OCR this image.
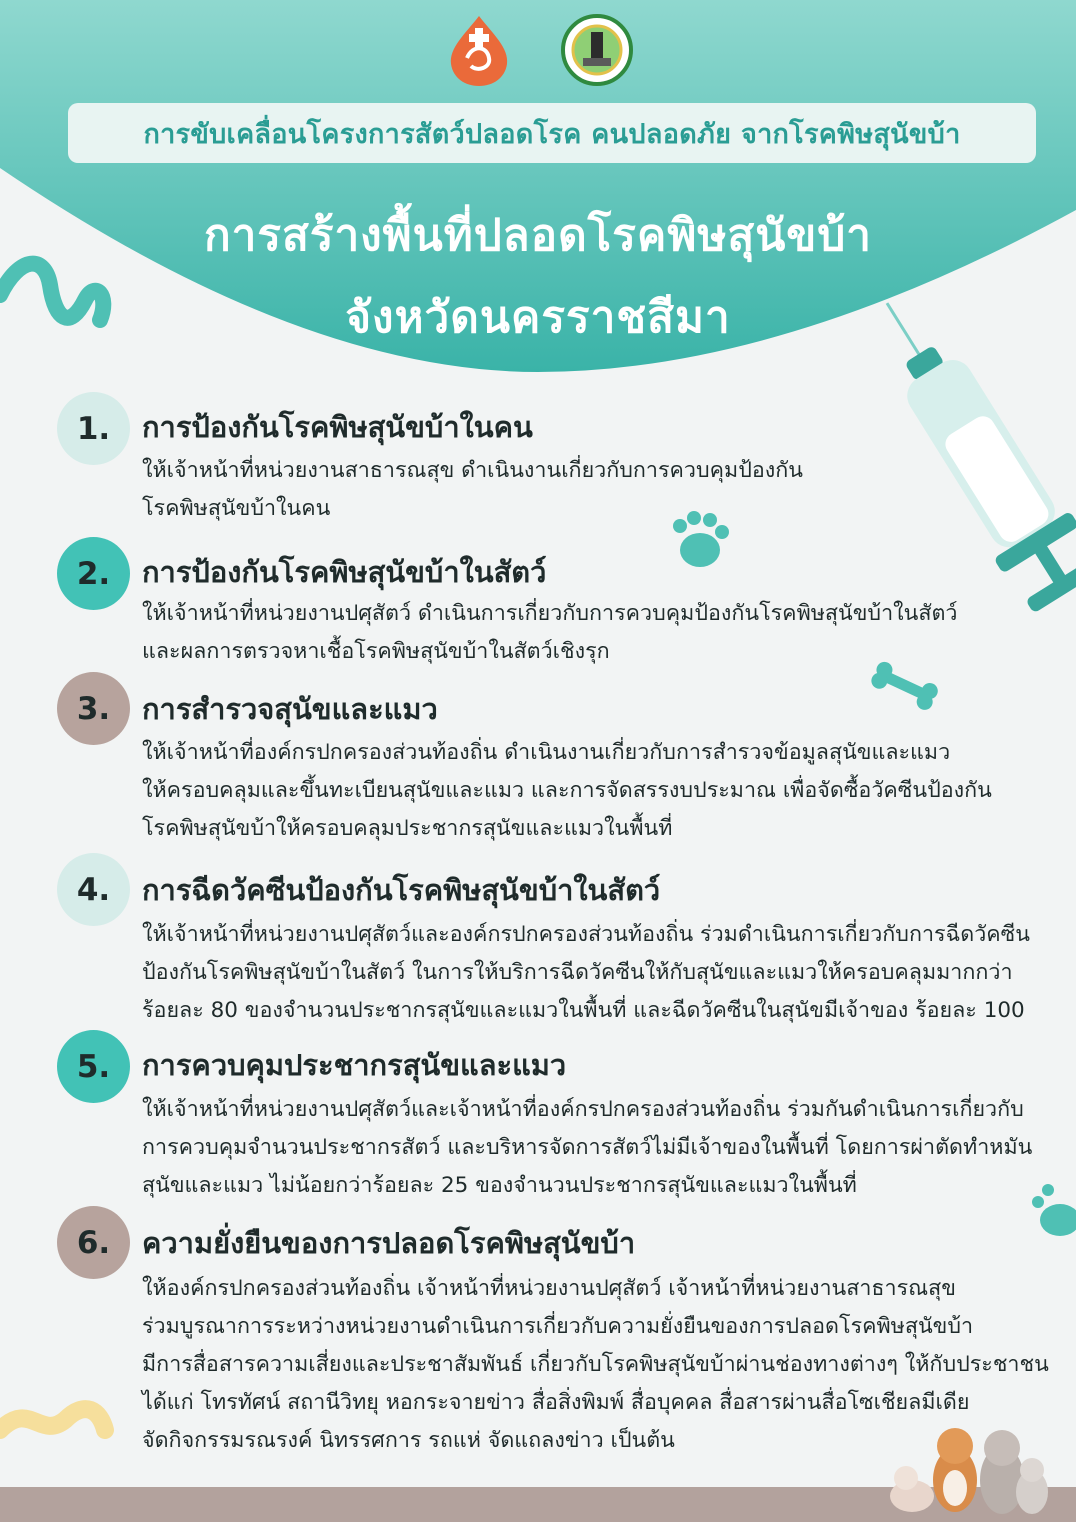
การขับเคลื่อนโครงการสัตว์ปลอดโรค คนปลอดภัย จากโรคพิษสุนัขบ้า
การสร้างพื้นที่ปลอดโรคพิษสุนัขบ้า
จังหวัดนครราชสีมา
1.	การป้องกันโรคพิษสุนัขบ้าในคน
ให้เจ้าหน้าที่หน่วยงานสาธารณสุข ดำเนินงานเกี่ยวกับการควบคุมป้องกัน
โรคพิษสุนัขบ้าในคน
2.	การป้องกันโรคพิษสุนัขบ้าในสัตว์
ให้เจ้าหน้าที่หน่วยงานปศุสัตว์ ดำเนินการเกี่ยวกับการควบคุมป้องกันโรคพิษสุนัขบ้าในสัตว์
และผลการตรวจหาเชื้อโรคพิษสุนัขบ้าในสัตว์เชิงรุก
3.	การสำรวจสุนัขและแมว
ให้เจ้าหน้าที่องค์กรปกครองส่วนท้องถิ่น ดำเนินงานเกี่ยวกับการสำรวจข้อมูลสุนัขและแมว
ให้ครอบคลุมและขึ้นทะเบียนสุนัขและแมว และการจัดสรรงบประมาณ เพื่อจัดซื้อวัคซีนป้องกัน
โรคพิษสุนัขบ้าให้ครอบคลุมประชากรสุนัขและแมวในพื้นที่
4.	การฉีดวัคซีนป้องกันโรคพิษสุนัขบ้าในสัตว์
ให้เจ้าหน้าที่หน่วยงานปศุสัตว์และองค์กรปกครองส่วนท้องถิ่น ร่วมดำเนินการเกี่ยวกับการฉีดวัคซีน
ป้องกันโรคพิษสุนัขบ้าในสัตว์ ในการให้บริการฉีดวัคซีนให้กับสุนัขและแมวให้ครอบคลุมมากกว่า
ร้อยละ 80 ของจำนวนประชากรสุนัขและแมวในพื้นที่ และฉีดวัคซีนในสุนัขมีเจ้าของ ร้อยละ 100
5.	การควบคุมประชากรสุนัขและแมว
ให้เจ้าหน้าที่หน่วยงานปศุสัตว์และเจ้าหน้าที่องค์กรปกครองส่วนท้องถิ่น ร่วมกันดำเนินการเกี่ยวกับ
การควบคุมจำนวนประชากรสัตว์ และบริหารจัดการสัตว์ไม่มีเจ้าของในพื้นที่ โดยการผ่าตัดทำหมัน
สุนัขและแมว ไม่น้อยกว่าร้อยละ 25 ของจำนวนประชากรสุนัขและแมวในพื้นที่
6.	ความยั่งยืนของการปลอดโรคพิษสุนัขบ้า
ให้องค์กรปกครองส่วนท้องถิ่น เจ้าหน้าที่หน่วยงานปศุสัตว์ เจ้าหน้าที่หน่วยงานสาธารณสุข
ร่วมบูรณาการระหว่างหน่วยงานดำเนินการเกี่ยวกับความยั่งยืนของการปลอดโรคพิษสุนัขบ้า
มีการสื่อสารความเสี่ยงและประชาสัมพันธ์ เกี่ยวกับโรคพิษสุนัขบ้าผ่านช่องทางต่างๆ ให้กับประชาชน
ได้แก่ โทรทัศน์ สถานีวิทยุ หอกระจายข่าว สื่อสิ่งพิมพ์ สื่อบุคคล สื่อสารผ่านสื่อโซเชียลมีเดีย
จัดกิจกรรมรณรงค์ นิทรรศการ รถแห่ จัดแถลงข่าว เป็นต้น
